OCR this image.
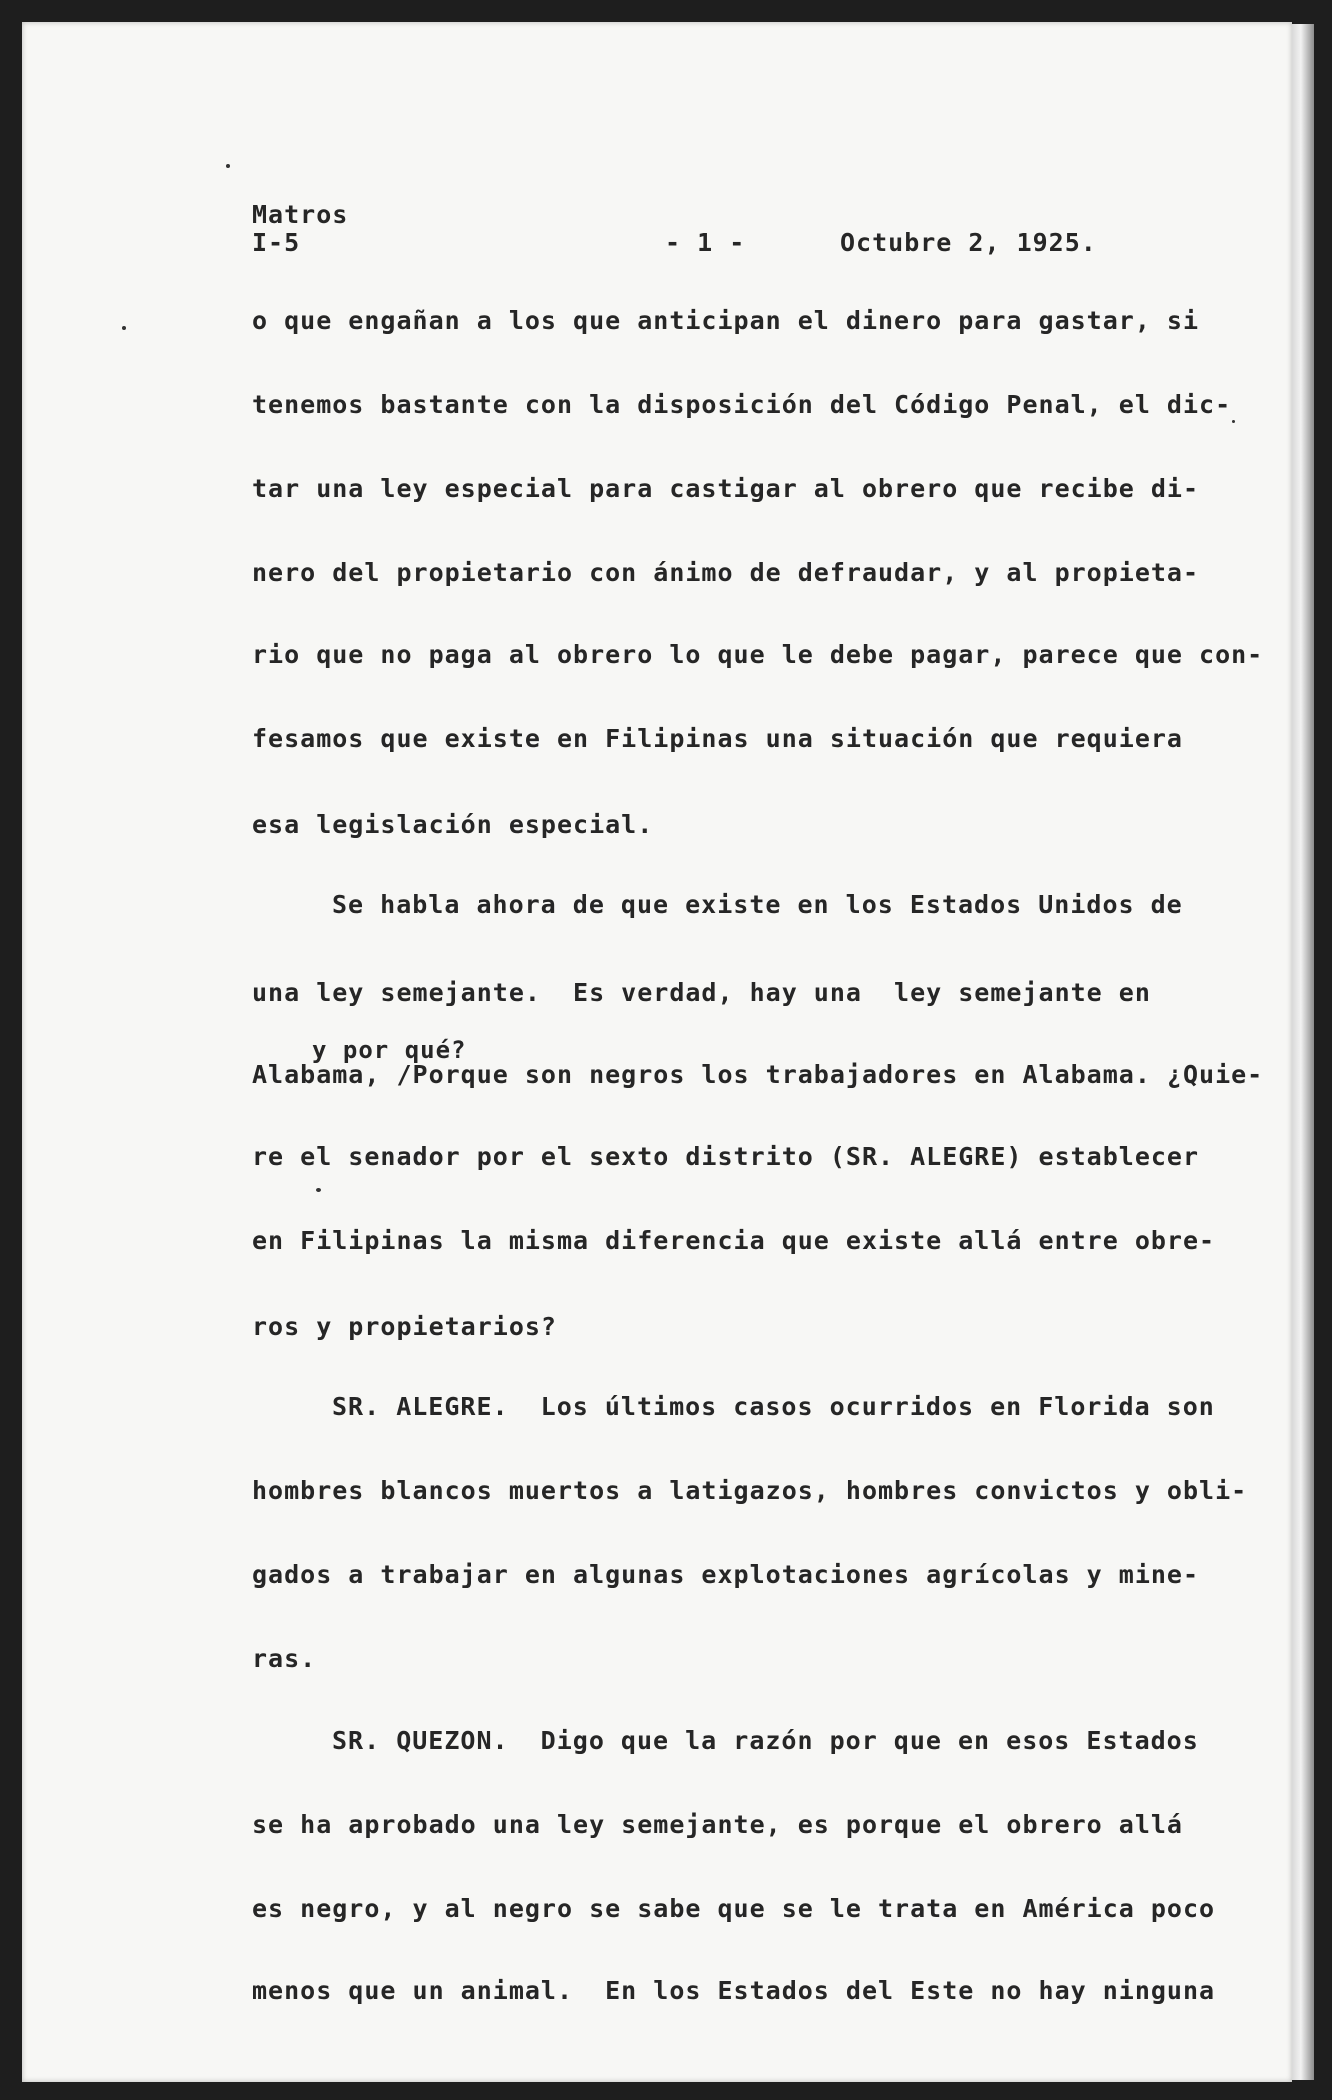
Matros
I-5	- 1 -	Octubre 2, 1925.
o que engañan a los que anticipan el dinero para gastar, si
tenemos bastante con la disposición del Código Penal, el dic-
tar una ley especial para castigar al obrero que recibe di-
nero del propietario con ánimo de defraudar, y al propieta-
rio que no paga al obrero lo que le debe pagar, parece que con-
fesamos que existe en Filipinas una situación que requiera
esa legislación especial.
Se habla ahora de que existe en los Estados Unidos de
una ley semejante.  Es verdad, hay una  ley semejante en
y por qué?
Alabama, /Porque son negros los trabajadores en Alabama. ¿Quie-
re el senador por el sexto distrito (SR. ALEGRE) establecer
en Filipinas la misma diferencia que existe allá entre obre-
ros y propietarios?
SR. ALEGRE.  Los últimos casos ocurridos en Florida son
hombres blancos muertos a latigazos, hombres convictos y obli-
gados a trabajar en algunas explotaciones agrícolas y mine-
ras.
SR. QUEZON.  Digo que la razón por que en esos Estados
se ha aprobado una ley semejante, es porque el obrero allá
es negro, y al negro se sabe que se le trata en América poco
menos que un animal.  En los Estados del Este no hay ninguna
